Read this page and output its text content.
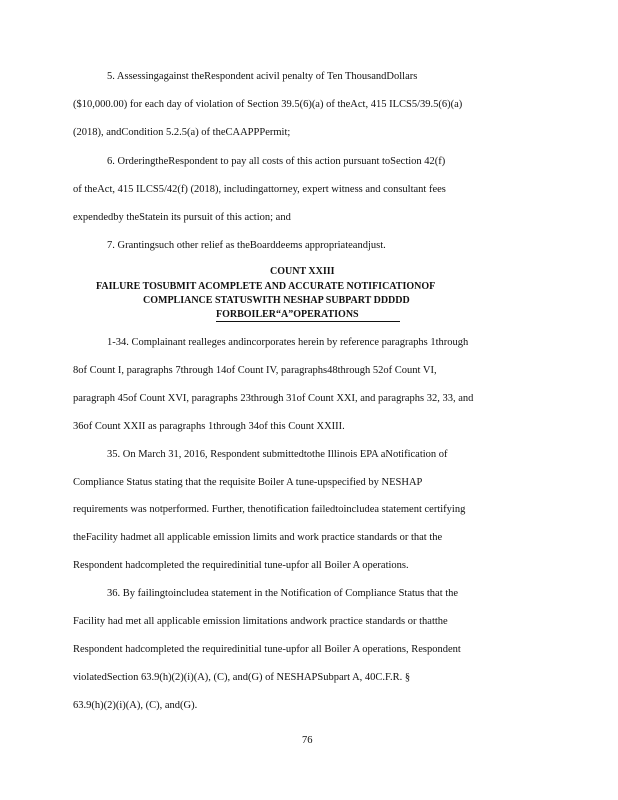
5. Assessingagainst theRespondent acivil penalty of Ten ThousandDollars
($10,000.00) for each day of violation of Section 39.5(6)(a) of theAct, 415 ILCS5/39.5(6)(a)
(2018), andCondition 5.2.5(a) of theCAAPPPermit;
6. OrderingtheRespondent to pay all costs of this action pursuant toSection 42(f)
of theAct, 415 ILCS5/42(f) (2018), includingattorney, expert witness and consultant fees
expendedby theStatein its pursuit of this action; and
7. Grantingsuch other relief as theBoarddeems appropriateandjust.
COUNT XXIII
FAILURE TOSUBMIT ACOMPLETE AND ACCURATE NOTIFICATIONOF
COMPLIANCE STATUSWITH NESHAP SUBPART DDDDD
FORBOILER“A”OPERATIONS
1-34. Complainant realleges andincorporates herein by reference paragraphs 1through
8of Count I, paragraphs 7through 14of Count IV, paragraphs48through 52of Count VI,
paragraph 45of Count XVI, paragraphs 23through 31of Count XXI, and paragraphs 32, 33, and
36of Count XXII as paragraphs 1through 34of this Count XXIII.
35. On March 31, 2016, Respondent submittedtothe Illinois EPA aNotification of
Compliance Status stating that the requisite Boiler A tune-upspecified by NESHAP
requirements was notperformed. Further, thenotification failedtoincludea statement certifying
theFacility hadmet all applicable emission limits and work practice standards or that the
Respondent hadcompleted the requiredinitial tune-upfor all Boiler A operations.
36. By failingtoincludea statement in the Notification of Compliance Status that the
Facility had met all applicable emission limitations andwork practice standards or thatthe
Respondent hadcompleted the requiredinitial tune-upfor all Boiler A operations, Respondent
violatedSection 63.9(h)(2)(i)(A), (C), and(G) of NESHAPSubpart A, 40C.F.R. §
63.9(h)(2)(i)(A), (C), and(G).
76
